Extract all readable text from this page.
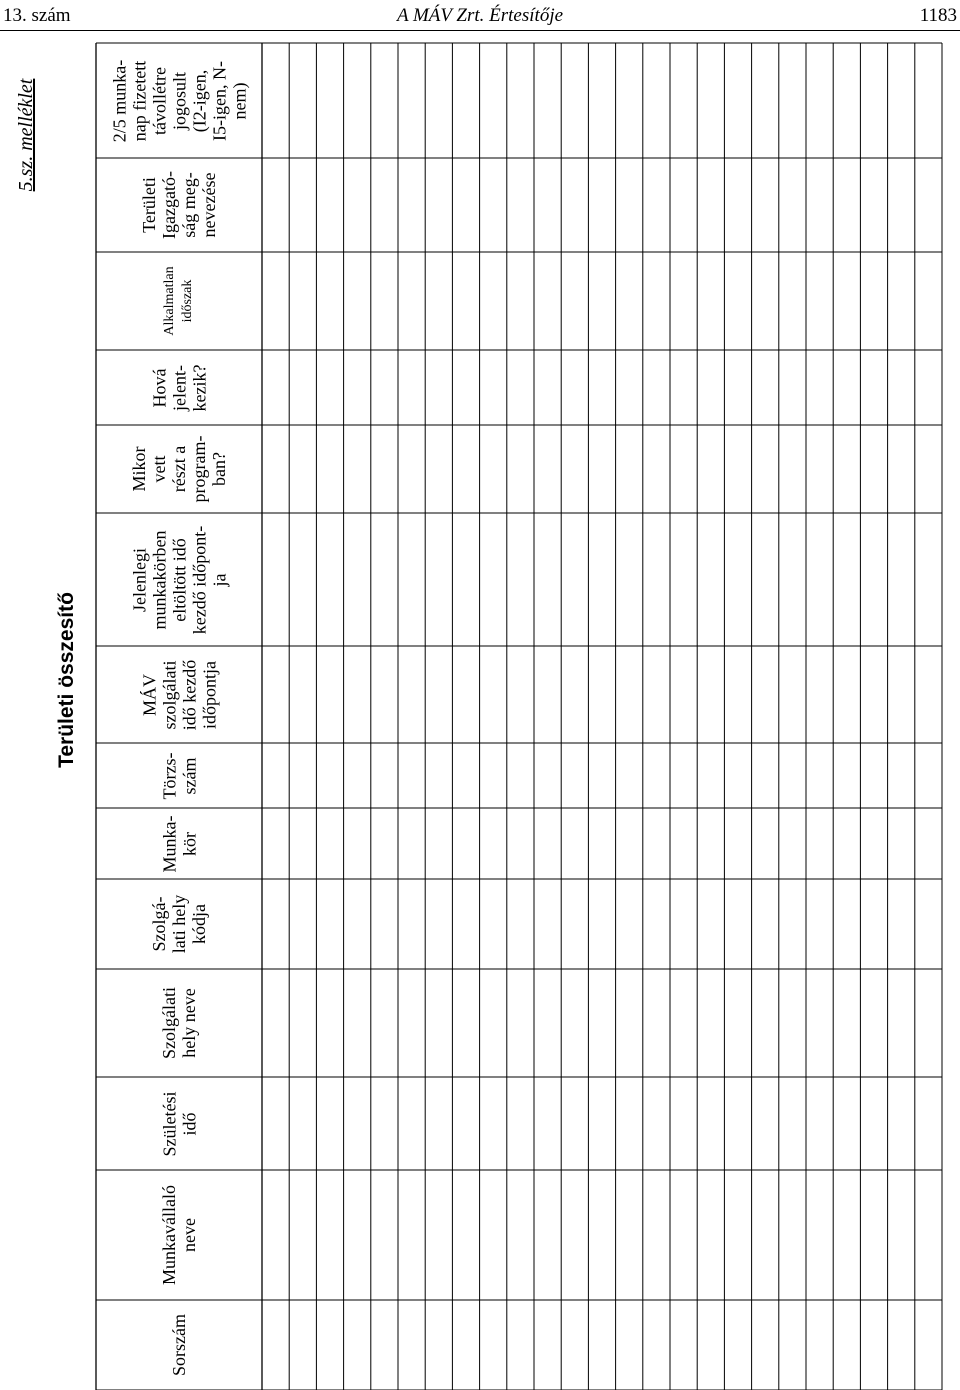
13. szám	A MÁV Zrt. Értesítője	1183
5.sz. melléklet
Területi összesítő
Sorszám
Munkavállaló neve
Születési idő
Szolgálati hely neve
Szolgá- lati hely kódja
Munka- kör
Törzs- szám
MÁV szolgálati idő kezdő időpontja
Jelenlegi munkakörben eltöltött idő kezdő időpont- ja
Mikor vett részt a program- ban?
Hová jelent- kezik?
Alkalmatlan időszak
Területi Igazgató- ság meg- nevezése
2/5 munka- nap fizetett távollétre jogosult (I2-igen, I5-igen, N- nem)
